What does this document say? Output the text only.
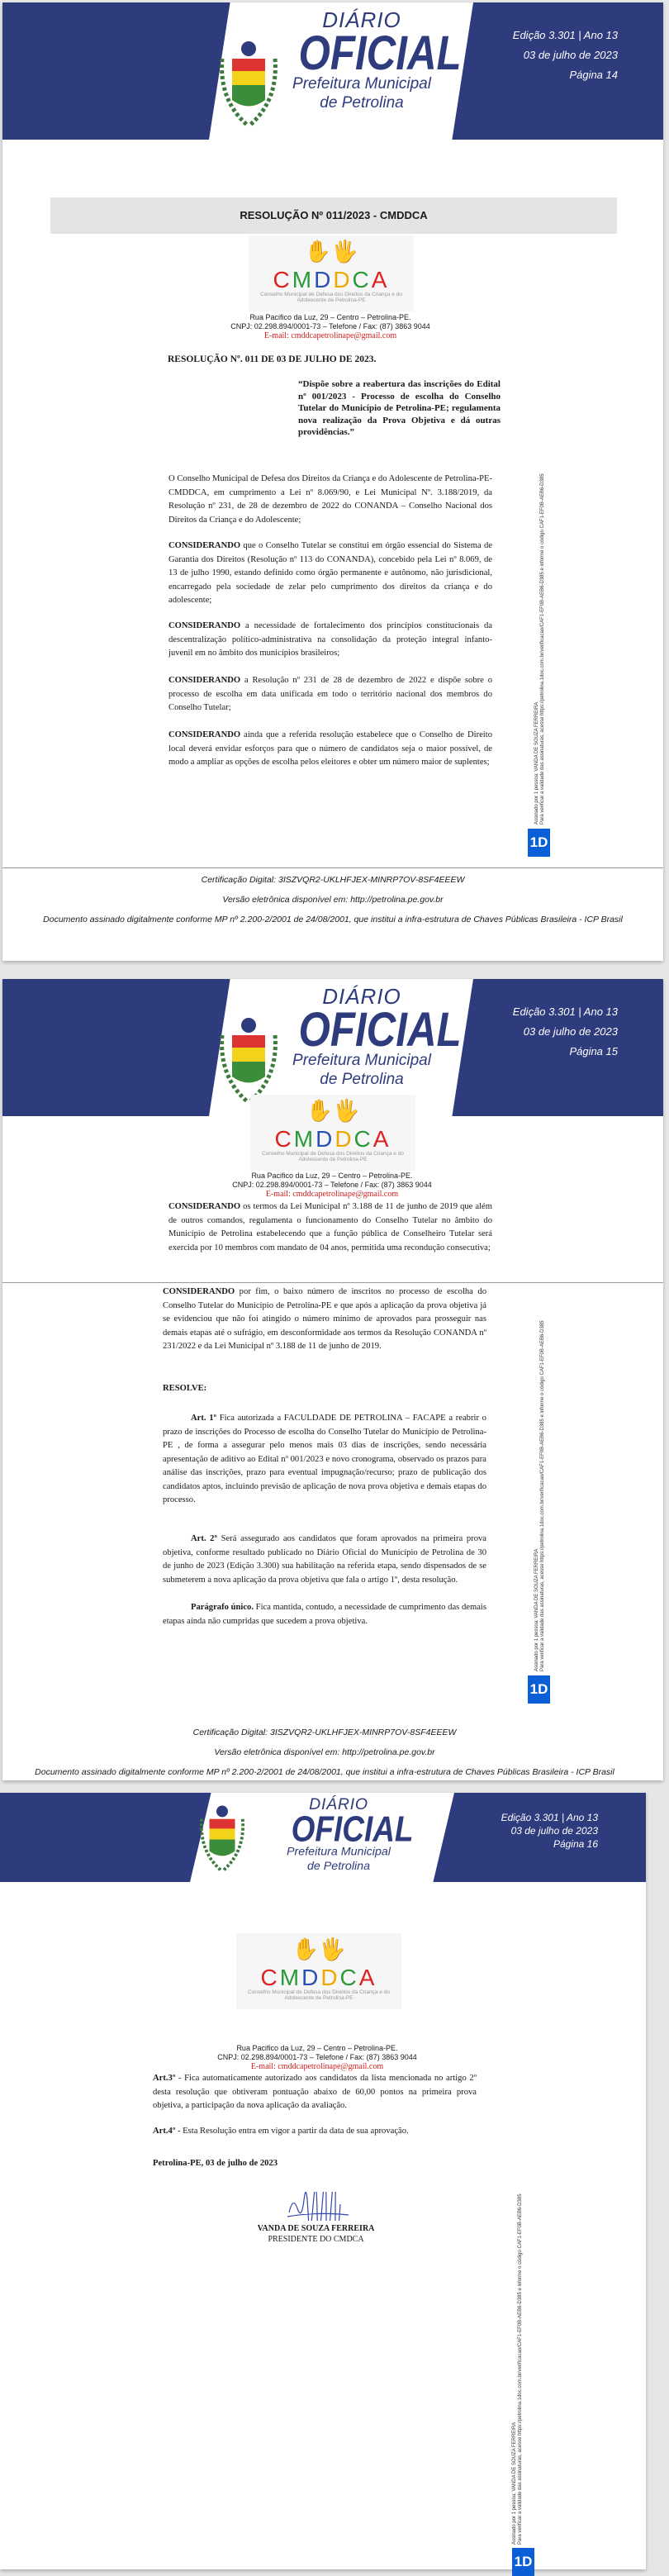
DIÁRIO
OFICIAL
Prefeitura Municipal
de Petrolina
Edição 3.301 | Ano 13
03 de julho de 2023
Página 14
RESOLUÇÃO Nº 011/2023 - CMDDCA
✋🖐
CMDDCA
Conselho Municipal de Defesa dos Direitos da Criança e do Adolescente de Petrolina-PE
Rua Pacifico da Luz, 29 – Centro – Petrolina-PE.
CNPJ: 02.298.894/0001-73 – Telefone / Fax: (87) 3863 9044
E-mail: cmddcapetrolinape@gmail.com
RESOLUÇÃO Nº. 011 DE 03 DE JULHO DE 2023.
“Dispõe sobre a reabertura das inscrições do Edital nº 001/2023 - Processo de escolha do Conselho Tutelar do Município de Petrolina-PE; regulamenta nova realização da Prova Objetiva e dá outras providências.”
O Conselho Municipal de Defesa dos Direitos da Criança e do Adolescente de Petrolina-PE-CMDDCA, em cumprimento a Lei nº 8.069/90, e Lei Municipal Nº. 3.188/2019, da Resolução nº 231, de 28 de dezembro de 2022 do CONANDA – Conselho Nacional dos Direitos da Criança e do Adolescente;
CONSIDERANDO que o Conselho Tutelar se constitui em órgão essencial do Sistema de Garantia dos Direitos (Resolução nº 113 do CONANDA), concebido pela Lei nº 8.069, de 13 de julho 1990, estando definido como órgão permanente e autônomo, não jurisdicional, encarregado pela sociedade de zelar pelo cumprimento dos direitos da criança e do adolescente;
CONSIDERANDO a necessidade de fortalecimento dos princípios constitucionais da descentralização político-administrativa na consolidação da proteção integral infanto-juvenil em no âmbito dos municípios brasileiros;
CONSIDERANDO a Resolução nº 231 de 28 de dezembro de 2022 e dispõe sobre o processo de escolha em data unificada em todo o território nacional dos membros do Conselho Tutelar;
CONSIDERANDO ainda que a referida resolução estabelece que o Conselho de Direito local deverá envidar esforços para que o número de candidatos seja o maior possível, de modo a ampliar as opções de escolha pelos eleitores e obter um número maior de suplentes;	Assinado por 1 pessoa: VANDA DE SOUZA FERREIRA Para verificar a validade das assinaturas, acesse https://petrolina.1doc.com.br/verificacao/CAF1-EF0B-AEB6-D385 e informe o código CAF1-EF0B-AEB6-D385
1D
Certificação Digital: 3ISZVQR2-UKLHFJEX-MINRP7OV-8SF4EEEW
Versão eletrônica disponível em: http://petrolina.pe.gov.br
Documento assinado digitalmente conforme MP nº 2.200-2/2001 de 24/08/2001, que institui a infra-estrutura de Chaves Públicas Brasileira - ICP Brasil
DIÁRIO
OFICIAL
Prefeitura Municipal
de Petrolina
Edição 3.301 | Ano 13
03 de julho de 2023
Página 15
✋🖐
CMDDCA
Conselho Municipal de Defesa dos Direitos da Criança e do Adolescente de Petrolina-PE
Rua Pacifico da Luz, 29 – Centro – Petrolina-PE.
CNPJ: 02.298.894/0001-73 – Telefone / Fax: (87) 3863 9044
E-mail: cmddcapetrolinape@gmail.com
CONSIDERANDO os termos da Lei Municipal nº 3.188 de 11 de junho de 2019 que além de outros comandos, regulamenta o funcionamento do Conselho Tutelar no âmbito do Município de Petrolina estabelecendo que a função pública de Conselheiro Tutelar será exercida por 10 membros com mandato de 04 anos, permitida uma recondução consecutiva;
CONSIDERANDO por fim, o baixo número de inscritos no processo de escolha do Conselho Tutelar do Município de Petrolina-PE e que após a aplicação da prova objetiva já se evidenciou que não foi atingido o número mínimo de aprovados para prosseguir nas demais etapas até o sufrágio, em desconformidade aos termos da Resolução CONANDA nº 231/2022 e da Lei Municipal nº 3.188 de 11 de junho de 2019.
RESOLVE:
Art. 1º Fica autorizada a FACULDADE DE PETROLINA – FACAPE a reabrir o prazo de inscrições do Processo de escolha do Conselho Tutelar do Município de Petrolina-PE , de forma a assegurar pelo menos mais 03 dias de inscrições, sendo necessária apresentação de aditivo ao Edital nº 001/2023 e novo cronograma, observado os prazos para análise das inscrições, prazo para eventual impugnação/recurso; prazo de publicação dos candidatos aptos, incluindo previsão de aplicação de nova prova objetiva e demais etapas do processo.
Art. 2º Será assegurado aos candidatos que foram aprovados na primeira prova objetiva, conforme resultado publicado no Diário Oficial do Município de Petrolina de 30 de junho de 2023 (Edição 3.300) sua habilitação na referida etapa, sendo dispensados de se submeterem a nova aplicação da prova objetiva que fala o artigo 1º, desta resolução.
Parágrafo único. Fica mantida, contudo, a necessidade de cumprimento das demais etapas ainda não cumpridas que sucedem a prova objetiva.	Assinado por 1 pessoa: VANDA DE SOUZA FERREIRA Para verificar a validade das assinaturas, acesse https://petrolina.1doc.com.br/verificacao/CAF1-EF0B-AEB6-D385 e informe o código CAF1-EF0B-AEB6-D385
1D
Certificação Digital: 3ISZVQR2-UKLHFJEX-MINRP7OV-8SF4EEEW
Versão eletrônica disponível em: http://petrolina.pe.gov.br
Documento assinado digitalmente conforme MP nº 2.200-2/2001 de 24/08/2001, que institui a infra-estrutura de Chaves Públicas Brasileira - ICP Brasil
DIÁRIO
OFICIAL
Prefeitura Municipal
de Petrolina
Edição 3.301 | Ano 13
03 de julho de 2023
Página 16
✋🖐
CMDDCA
Conselho Municipal de Defesa dos Direitos da Criança e do Adolescente de Petrolina-PE
Rua Pacifico da Luz, 29 – Centro – Petrolina-PE.
CNPJ: 02.298.894/0001-73 – Telefone / Fax: (87) 3863 9044
E-mail: cmddcapetrolinape@gmail.com
Art.3º - Fica automaticamente autorizado aos candidatos da lista mencionada no artigo 2º desta resolução que obtiveram pontuação abaixo de 60,00 pontos na primeira prova objetiva, a participação da nova aplicação da avaliação.
Art.4º - Esta Resolução entra em vigor a partir da data de sua aprovação.
Petrolina-PE, 03 de julho de 2023
VANDA DE SOUZA FERREIRA
PRESIDENTE DO CMDCA
Assinado por 1 pessoa: VANDA DE SOUZA FERREIRA Para verificar a validade das assinaturas, acesse https://petrolina.1doc.com.br/verificacao/CAF1-EF0B-AEB6-D385 e informe o código CAF1-EF0B-AEB6-D385
1D
